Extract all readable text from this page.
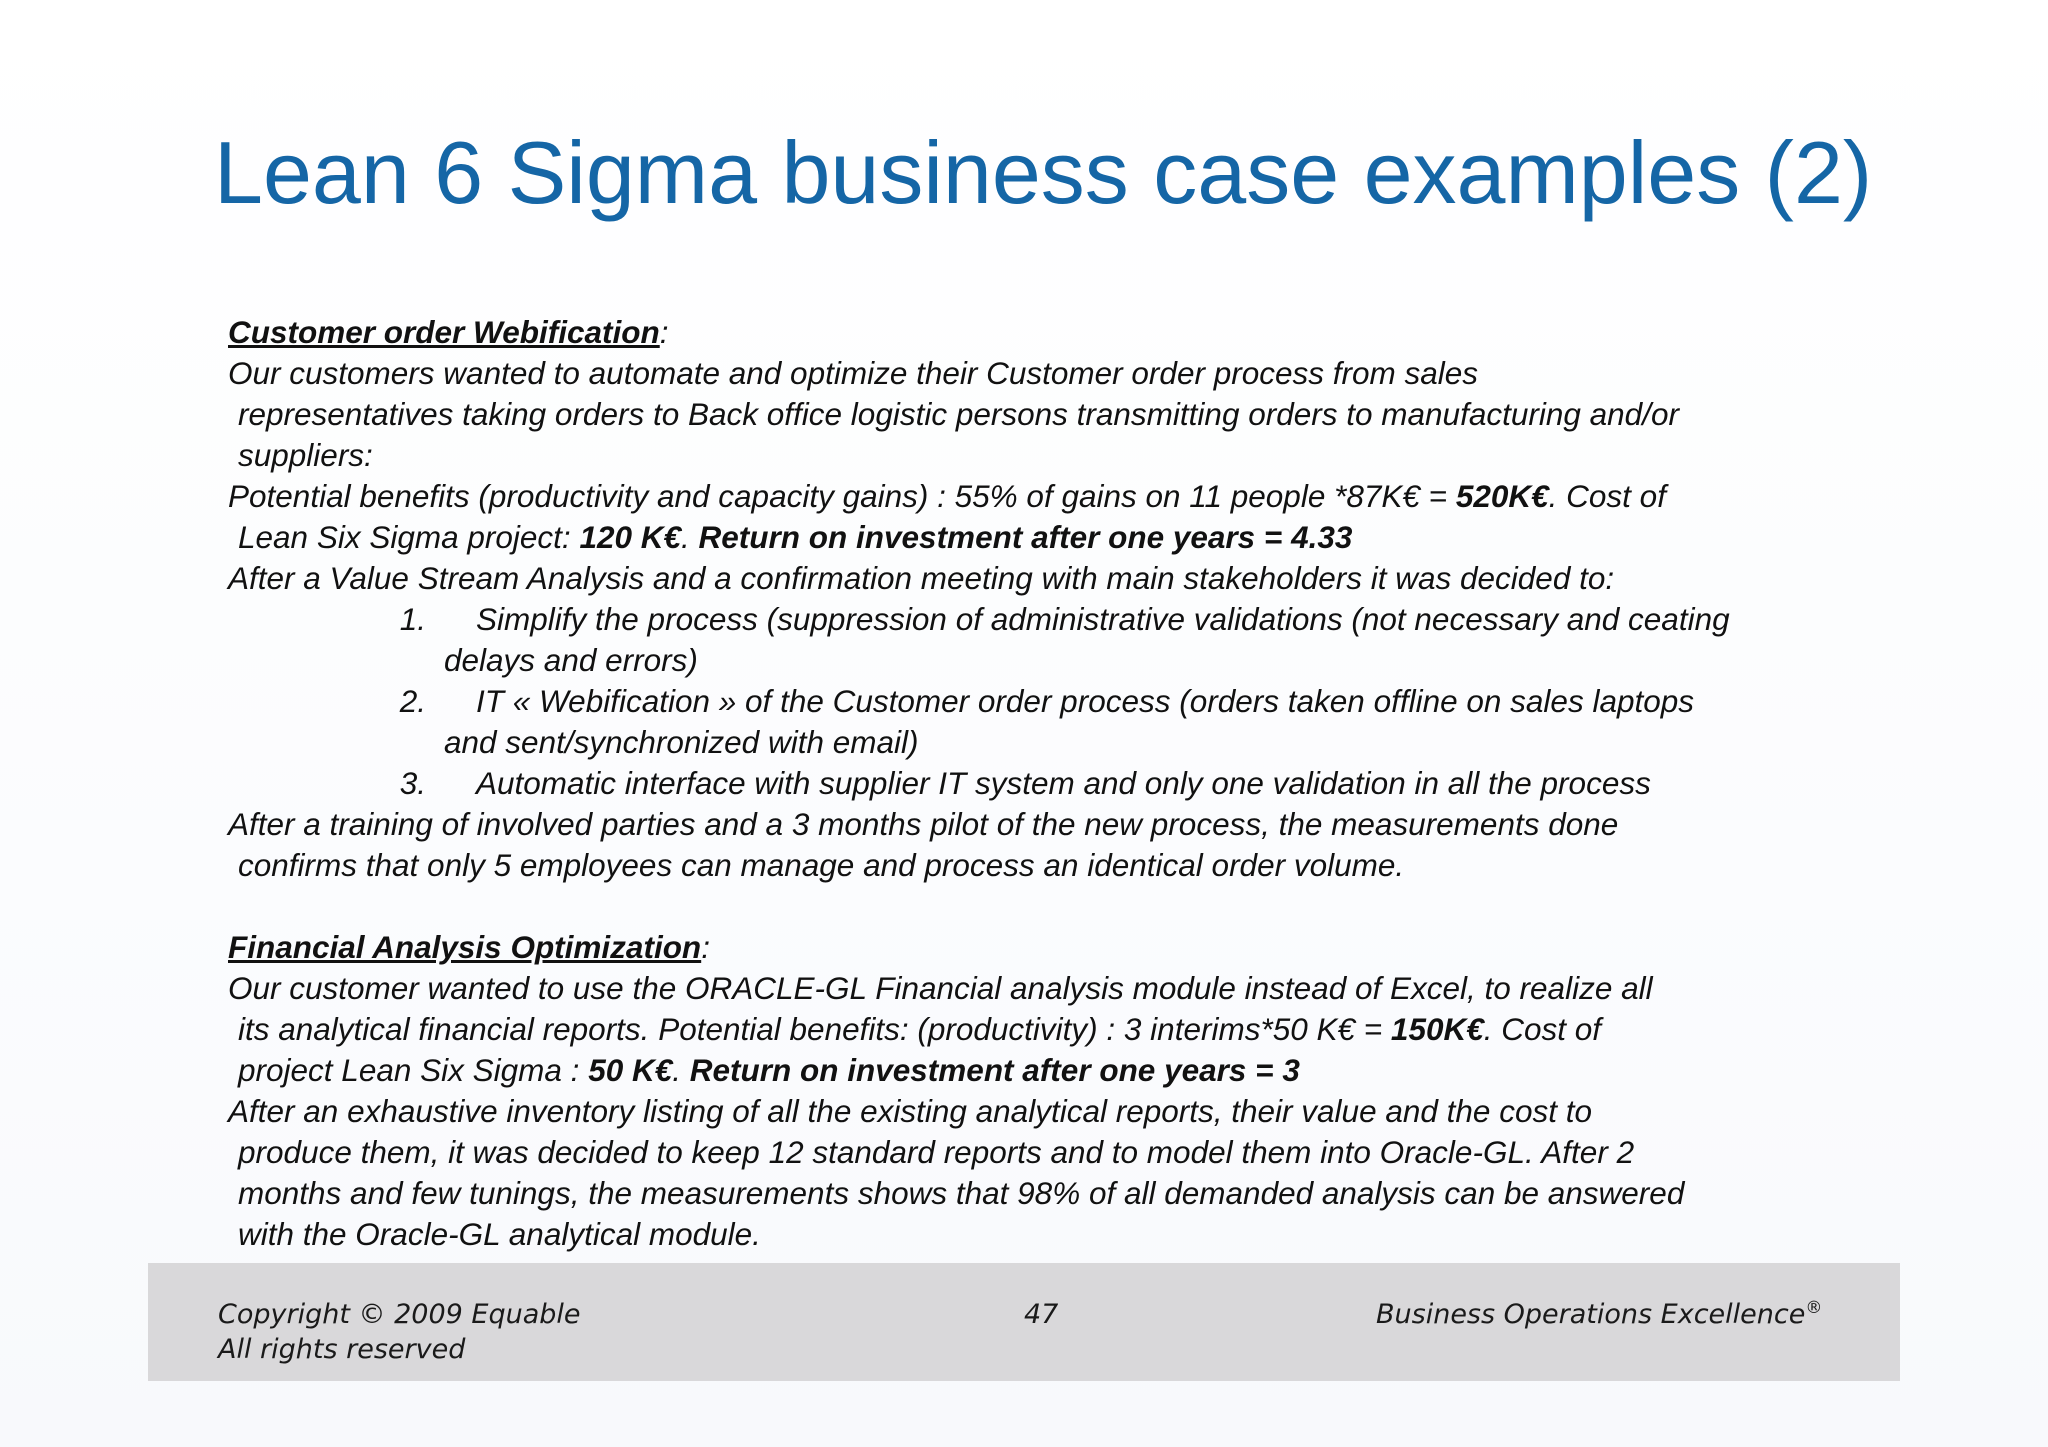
Lean 6 Sigma business case examples (2)
Customer order Webification:
Our customers wanted to automate and optimize their Customer order process from sales
representatives taking orders to Back office logistic persons transmitting orders to manufacturing and/or
suppliers:
Potential benefits (productivity and capacity gains) : 55% of gains on 11 people *87K€ = 520K€. Cost of
Lean Six Sigma project: 120 K€. Return on investment after one years = 4.33
After a Value Stream Analysis and a confirmation meeting with main stakeholders it was decided to:
1. Simplify the process (suppression of administrative validations (not necessary and ceating
delays and errors)
2. IT « Webification » of the Customer order process (orders taken offline on sales laptops
and sent/synchronized with email)
3. Automatic interface with supplier IT system and only one validation in all the process
After a training of involved parties and a 3 months pilot of the new process, the measurements done
confirms that only 5 employees can manage and process an identical order volume.
Financial Analysis Optimization:
Our customer wanted to use the ORACLE-GL Financial analysis module instead of Excel, to realize all
its analytical financial reports. Potential benefits: (productivity) : 3 interims*50 K€ = 150K€. Cost of
project Lean Six Sigma : 50 K€. Return on investment after one years = 3
After an exhaustive inventory listing of all the existing analytical reports, their value and the cost to
produce them, it was decided to keep 12 standard reports and to model them into Oracle-GL. After 2
months and few tunings, the measurements shows that 98% of all demanded analysis can be answered
with the Oracle-GL analytical module.
Copyright © 2009 Equable
All rights reserved
47	Business Operations Excellence®
